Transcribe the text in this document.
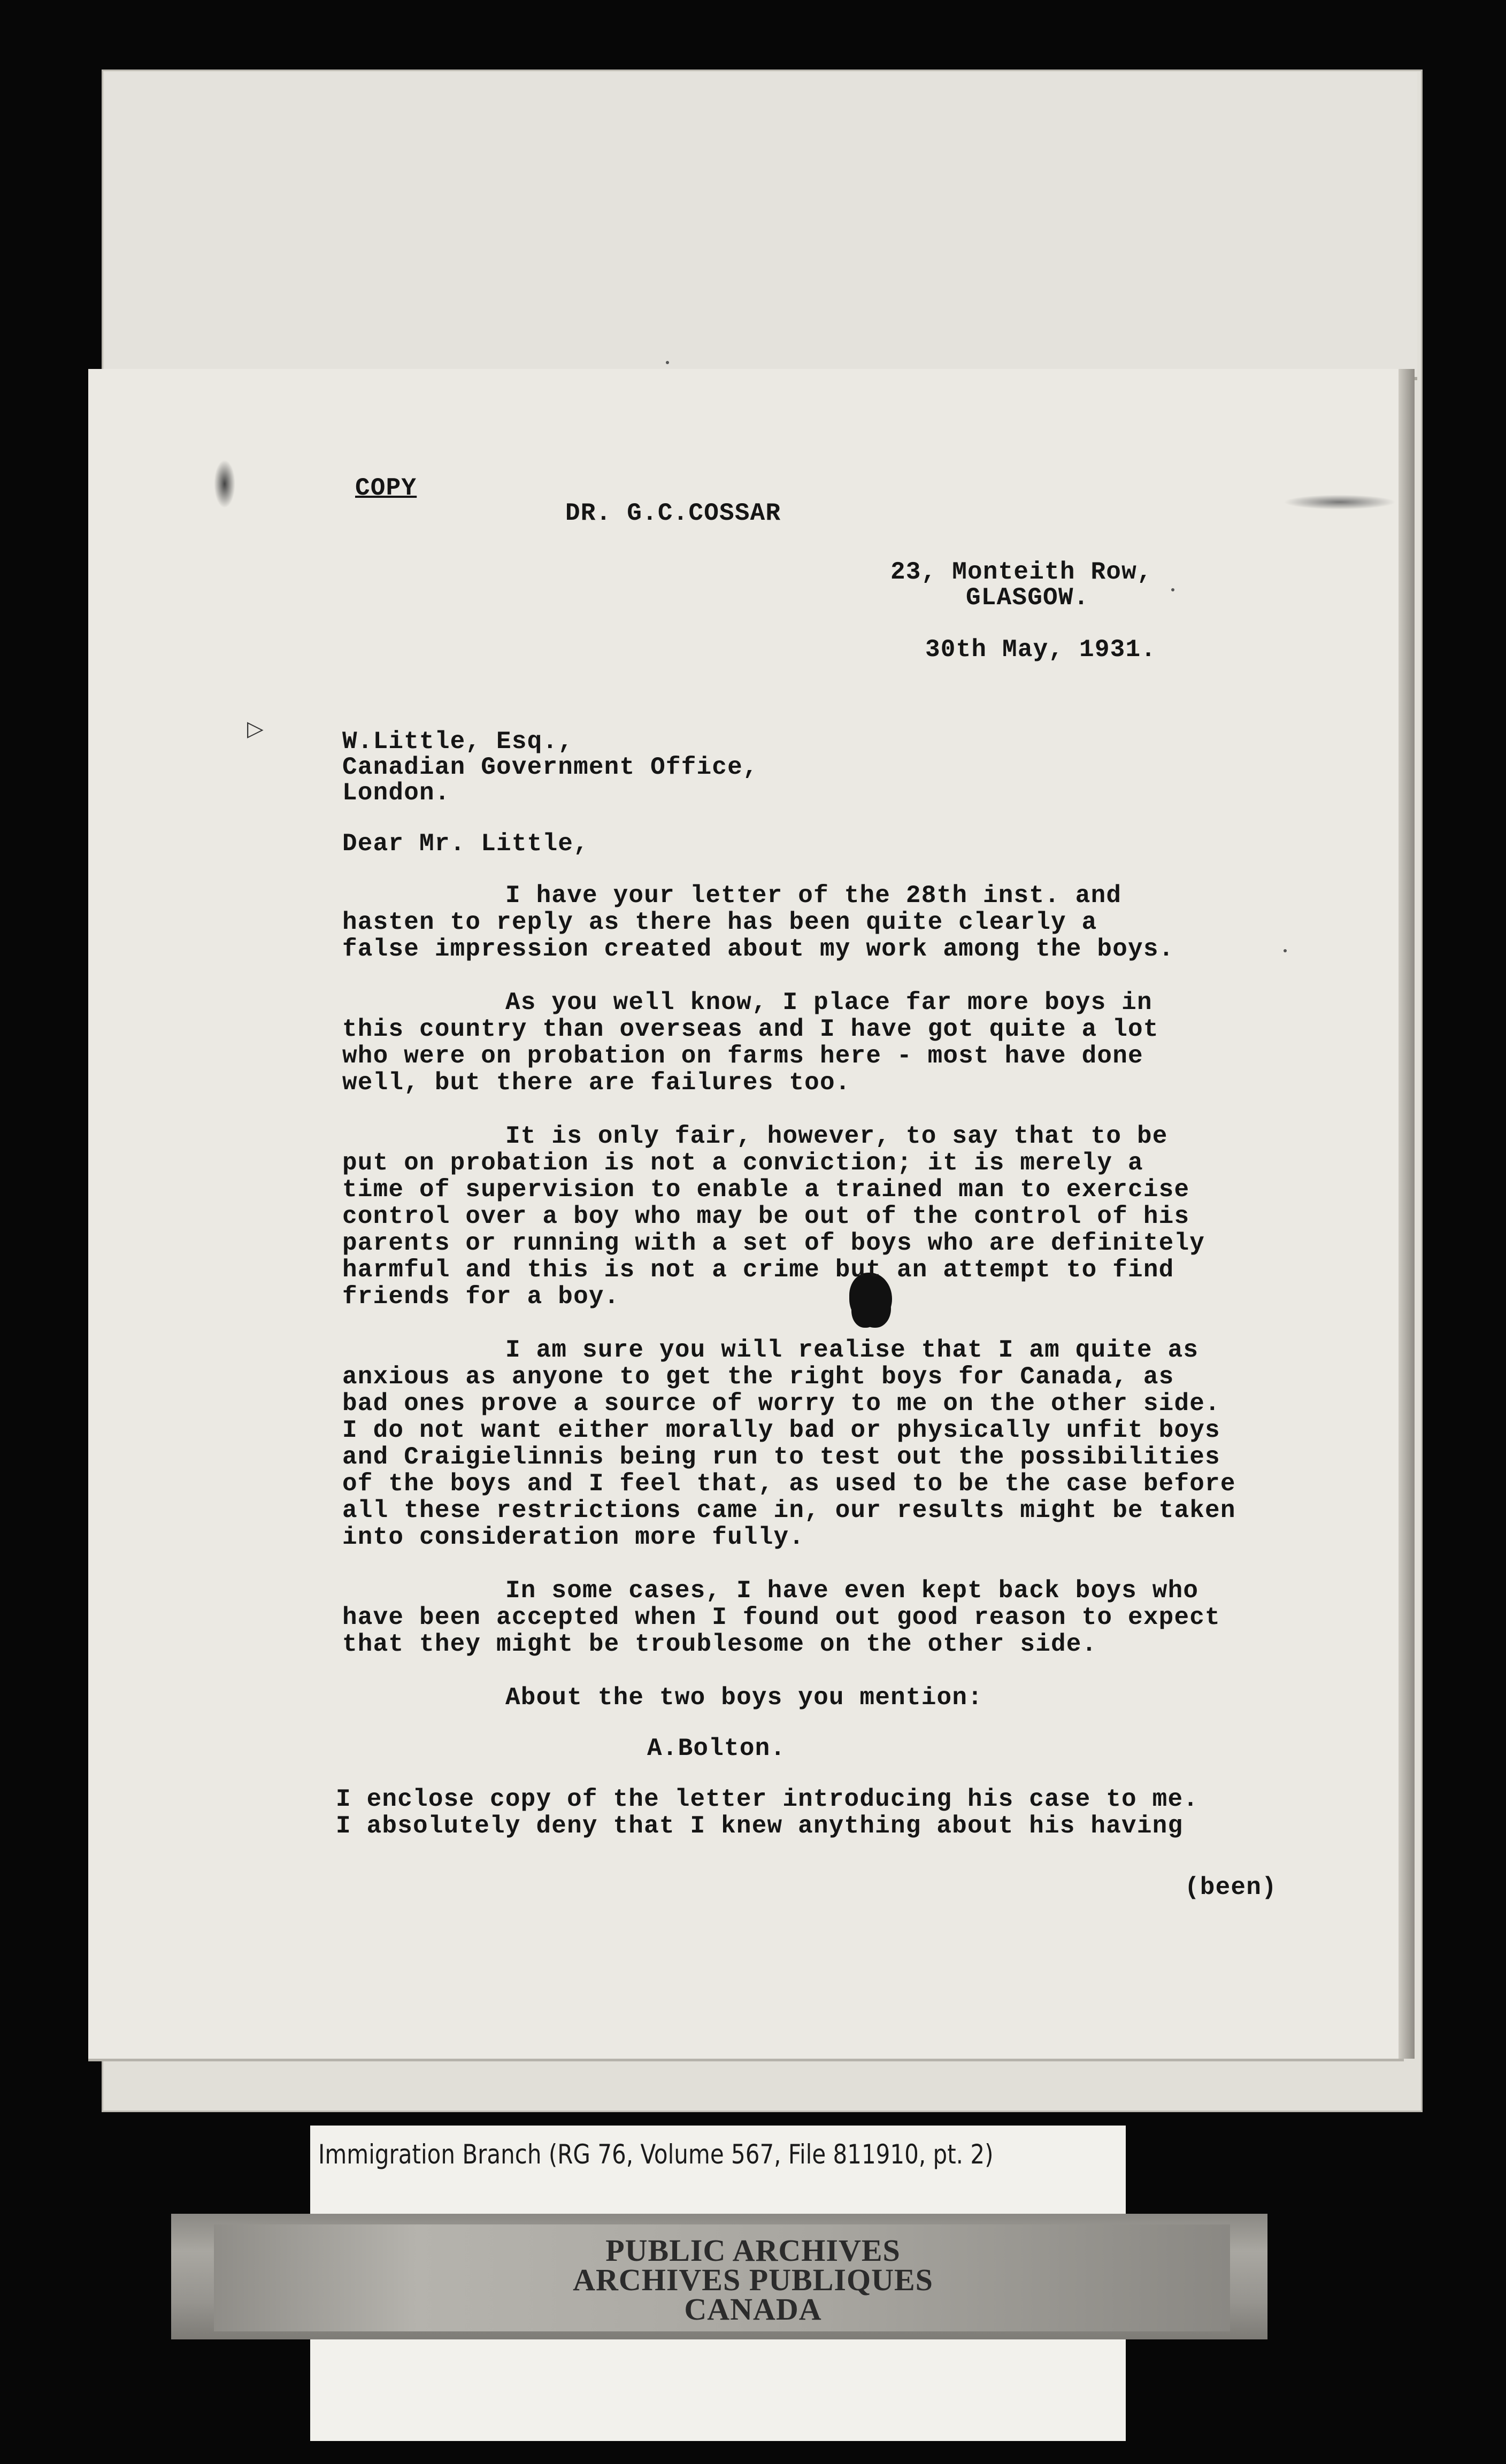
▷
COPY
DR. G.C.COSSAR
23, Monteith Row,
GLASGOW.
30th May, 1931.
W.Little, Esq.,
Canadian Government Office,
London.
Dear Mr. Little,
I have your letter of the 28th inst. and
hasten to reply as there has been quite clearly a
false impression created about my work among the boys.
As you well know, I place far more boys in
this country than overseas and I have got quite a lot
who were on probation on farms here - most have done
well, but there are failures too.
It is only fair, however, to say that to be
put on probation is not a conviction; it is merely a
time of supervision to enable a trained man to exercise
control over a boy who may be out of the control of his
parents or running with a set of boys who are definitely
harmful and this is not a crime but an attempt to find
friends for a boy.
I am sure you will realise that I am quite as
anxious as anyone to get the right boys for Canada, as
bad ones prove a source of worry to me on the other side.
I do not want either morally bad or physically unfit boys
and Craigielinnis being run to test out the possibilities
of the boys and I feel that, as used to be the case before
all these restrictions came in, our results might be taken
into consideration more fully.
In some cases, I have even kept back boys who
have been accepted when I found out good reason to expect
that they might be troublesome on the other side.
About the two boys you mention:
A.Bolton.
I enclose copy of the letter introducing his case to me.
I absolutely deny that I knew anything about his having
(been)
Immigration Branch (RG 76, Volume 567, File 811910, pt. 2)
PUBLIC ARCHIVES
ARCHIVES PUBLIQUES
CANADA
